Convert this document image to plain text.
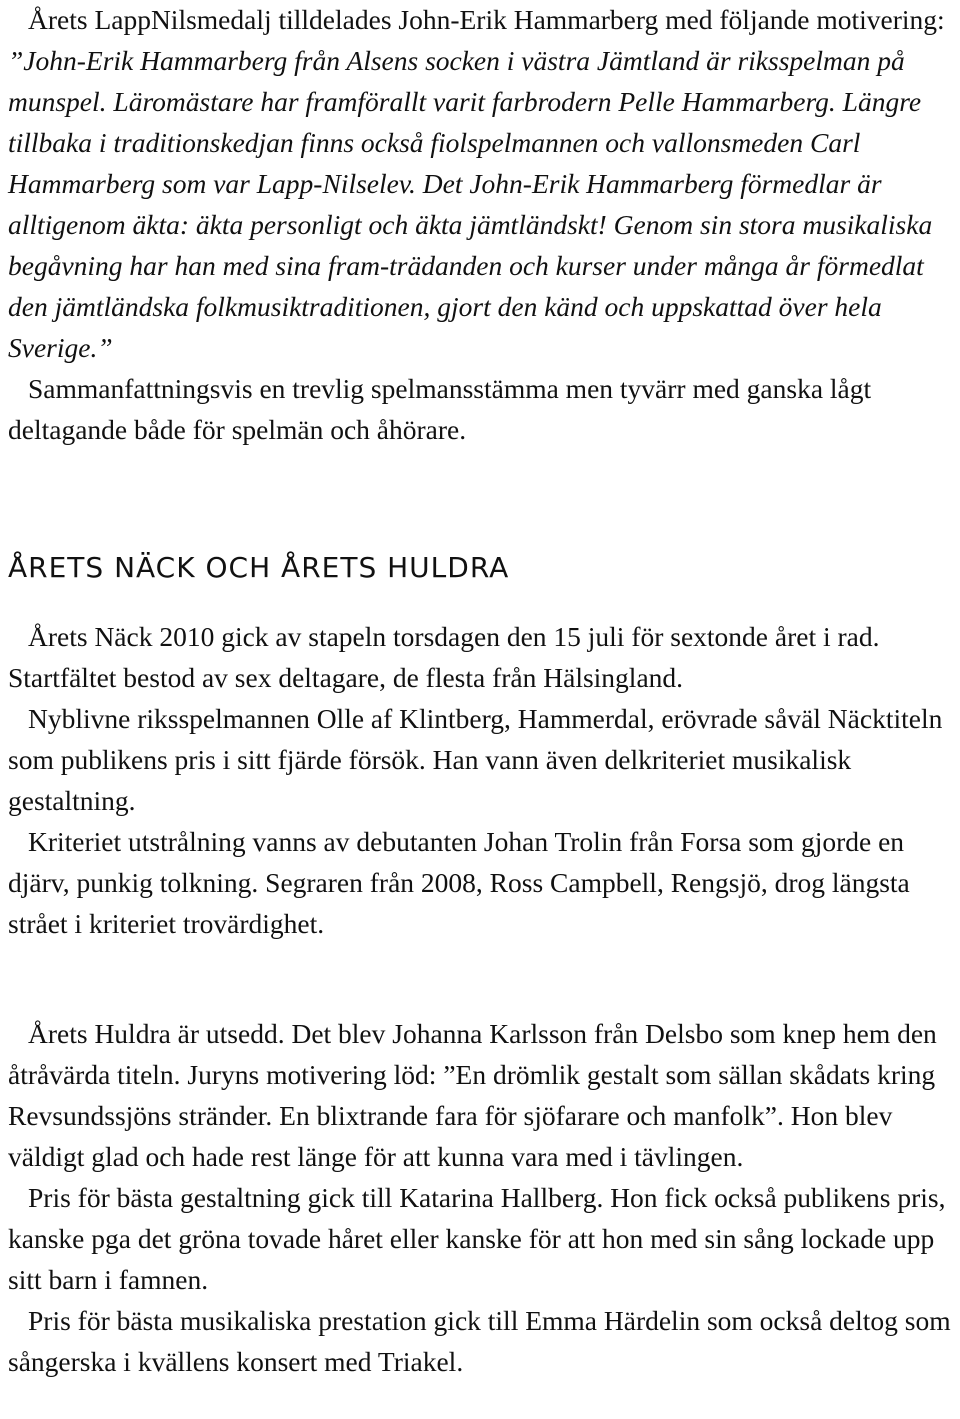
Årets LappNilsmedalj tilldelades John-Erik Hammarberg med följande motivering:

”John-Erik Hammarberg från Alsens socken i västra Jämtland är riksspelman på munspel. Läromästare har framförallt varit farbrodern Pelle Hammarberg. Längre tillbaka i traditionskedjan finns också fiolspelmannen och vallonsmeden Carl Hammarberg som var Lapp-Nilselev. Det John-Erik Hammarberg förmedlar är alltigenom äkta: äkta personligt och äkta jämtländskt! Genom sin stora musikaliska begåvning har han med sina fram-trädanden och kurser under många år förmedlat den jämtländska folkmusiktraditionen, gjort den känd och uppskattad över hela Sverige.”

Sammanfattningsvis en trevlig spelmansstämma men tyvärr med ganska lågt deltagande både för spelmän och åhörare.

ÅRETS NÄCK OCH ÅRETS HULDRA

Årets Näck 2010 gick av stapeln torsdagen den 15 juli för sextonde året i rad. Startfältet bestod av sex deltagare, de flesta från Hälsingland.

Nyblivne riksspelmannen Olle af Klintberg, Hammerdal, erövrade såväl Näcktiteln som publikens pris i sitt fjärde försök. Han vann även delkriteriet musikalisk gestaltning.

Kriteriet utstrålning vanns av debutanten Johan Trolin från Forsa som gjorde en djärv, punkig tolkning. Segraren från 2008, Ross Campbell, Rengsjö, drog längsta strået i kriteriet trovärdighet.

Årets Huldra är utsedd. Det blev Johanna Karlsson från Delsbo som knep hem den åtråvärda titeln. Juryns motivering löd: ”En drömlik gestalt som sällan skådats kring Revsundssjöns stränder. En blixtrande fara för sjöfarare och manfolk”. Hon blev väldigt glad och hade rest länge för att kunna vara med i tävlingen.

Pris för bästa gestaltning gick till Katarina Hallberg. Hon fick också publikens pris, kanske pga det gröna tovade håret eller kanske för att hon med sin sång lockade upp sitt barn i famnen.

Pris för bästa musikaliska prestation gick till Emma Härdelin som också deltog som sångerska i kvällens konsert med Triakel.
